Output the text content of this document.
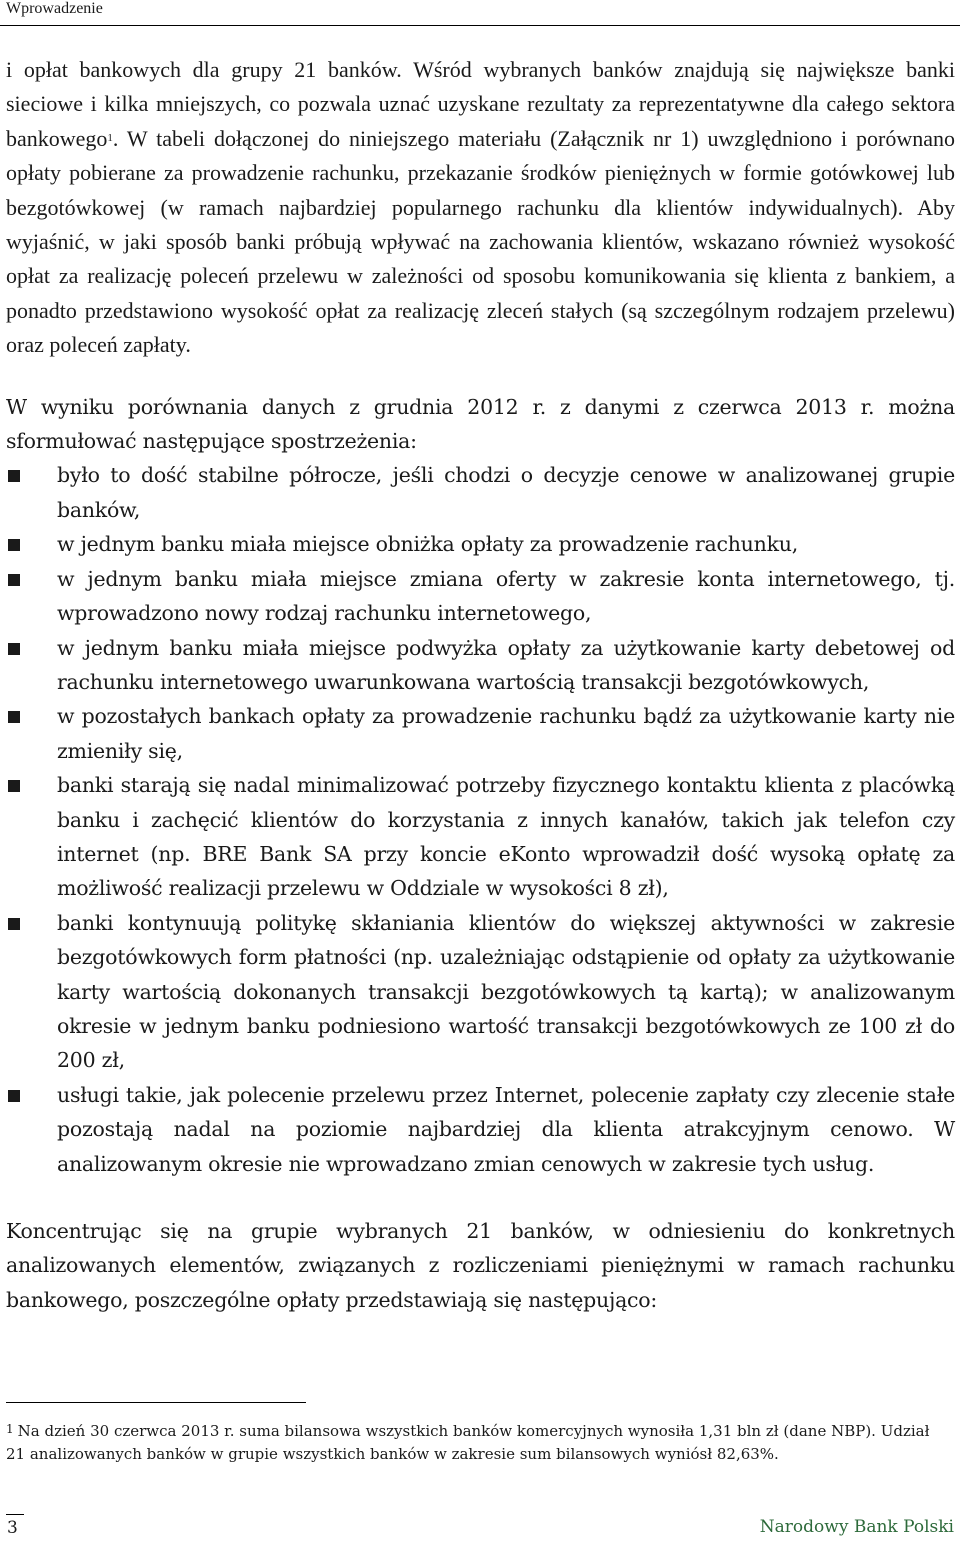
Wprowadzenie

i opłat bankowych dla grupy 21 banków. Wśród wybranych banków znajdują się największe banki sieciowe i kilka mniejszych, co pozwala uznać uzyskane rezultaty za reprezentatywne dla całego sektora bankowego$^1$. W tabeli dołączonej do niniejszego materiału (Załącznik nr 1) uwzględniono i porównano opłaty pobierane za prowadzenie rachunku, przekazanie środków pieniężnych w formie gotówkowej lub bezgotówkowej (w ramach najbardziej popularnego rachunku dla klientów indywidualnych). Aby wyjaśnić, w jaki sposób banki próbują wpływać na zachowania klientów, wskazano również wysokość opłat za realizację poleceń przelewu w zależności od sposobu komunikowania się klienta z bankiem, a ponadto przedstawiono wysokość opłat za realizację zleceń stałych (są szczególnym rodzajem przelewu) oraz poleceń zapłaty.

W wyniku porównania danych z grudnia 2012 r. z danymi z czerwca 2013 r. można sformułować następujące spostrzeżenia:

było to dość stabilne półrocze, jeśli chodzi o decyzje cenowe w analizowanej grupie banków,
w jednym banku miała miejsce obniżka opłaty za prowadzenie rachunku,
w jednym banku miała miejsce zmiana oferty w zakresie konta internetowego, tj. wprowadzono nowy rodzaj rachunku internetowego,
w jednym banku miała miejsce podwyżka opłaty za użytkowanie karty debetowej od rachunku internetowego uwarunkowana wartością transakcji bezgotówkowych,
w pozostałych bankach opłaty za prowadzenie rachunku bądź za użytkowanie karty nie zmieniły się,
banki starają się nadal minimalizować potrzeby fizycznego kontaktu klienta z placówką banku i zachęcić klientów do korzystania z innych kanałów, takich jak telefon czy internet (np. BRE Bank SA przy koncie eKonto wprowadził dość wysoką opłatę za możliwość realizacji przelewu w Oddziale w wysokości 8 zł),
banki kontynuują politykę skłaniania klientów do większej aktywności w zakresie bezgotówkowych form płatności (np. uzależniając odstąpienie od opłaty za użytkowanie karty wartością dokonanych transakcji bezgotówkowych tą kartą); w analizowanym okresie w jednym banku podniesiono wartość transakcji bezgotówkowych ze 100 zł do 200 zł,
usługi takie, jak polecenie przelewu przez Internet, polecenie zapłaty czy zlecenie stałe pozostają nadal na poziomie najbardziej dla klienta atrakcyjnym cenowo. W analizowanym okresie nie wprowadzano zmian cenowych w zakresie tych usług.

Koncentrując się na grupie wybranych 21 banków, w odniesieniu do konkretnych analizowanych elementów, związanych z rozliczeniami pieniężnymi w ramach rachunku bankowego, poszczególne opłaty przedstawiają się następująco:

$^1$ Na dzień 30 czerwca 2013 r. suma bilansowa wszystkich banków komercyjnych wynosiła 1,31 bln zł (dane NBP). Udział 21 analizowanych banków w grupie wszystkich banków w zakresie sum bilansowych wyniósł 82,63%.
3	Narodowy Bank Polski
